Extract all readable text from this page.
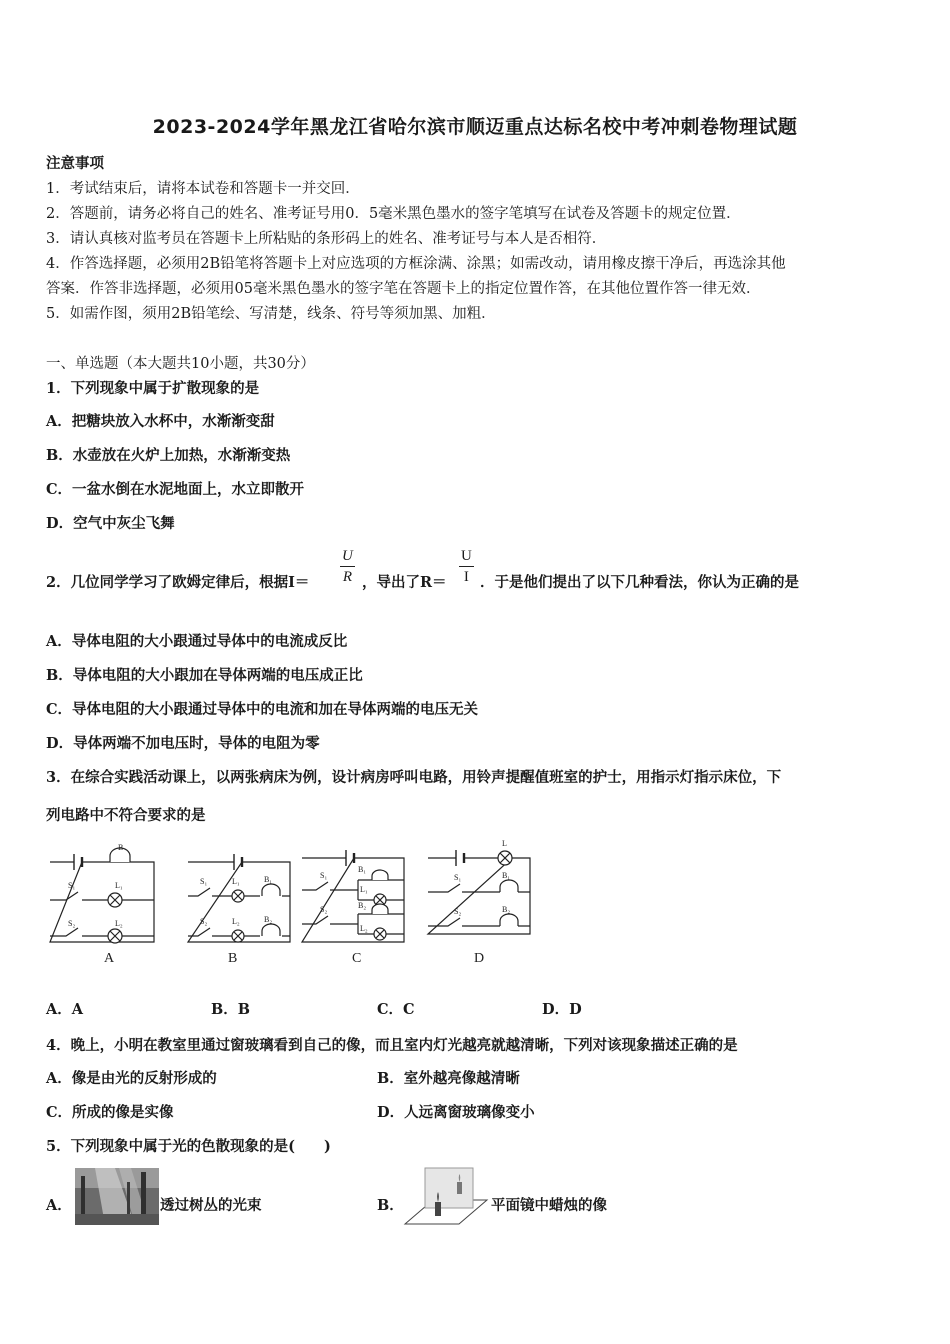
2023-2024学年黑龙江省哈尔滨市顺迈重点达标名校中考冲刺卷物理试题
注意事项
1．考试结束后，请将本试卷和答题卡一并交回．
2．答题前，请务必将自己的姓名、准考证号用0．5毫米黑色墨水的签字笔填写在试卷及答题卡的规定位置．
3．请认真核对监考员在答题卡上所粘贴的条形码上的姓名、准考证号与本人是否相符．
4．作答选择题，必须用2B铅笔将答题卡上对应选项的方框涂满、涂黑；如需改动，请用橡皮擦干净后，再选涂其他
答案．作答非选择题，必须用05毫米黑色墨水的签字笔在答题卡上的指定位置作答，在其他位置作答一律无效．
5．如需作图，须用2B铅笔绘、写清楚，线条、符号等须加黑、加粗．
一、单选题（本大题共10小题，共30分）
1．下列现象中属于扩散现象的是
A．把糖块放入水杯中，水渐渐变甜
B．水壶放在火炉上加热，水渐渐变热
C．一盆水倒在水泥地面上，水立即散开
D．空气中灰尘飞舞
2．几位同学学习了欧姆定律后，根据$I= \frac{U}{R}$ ，导出了$R= \frac{U}{I}$ ．于是他们提出了以下几种看法，你认为正确的是
A．导体电阻的大小跟通过导体中的电流成反比
B．导体电阻的大小跟加在导体两端的电压成正比
C．导体电阻的大小跟通过导体中的电流和加在导体两端的电压无关
D．导体两端不加电压时，导体的电阻为零
3．在综合实践活动课上，以两张病床为例，设计病房呼叫电路，用铃声提醒值班室的护士，用指示灯指示床位，下
列电路中不符合要求的是
B
S₁	L₁
S₂	L₂
A
S₁	L₁	B₁
S₂	L₂	B₂
B
S₁
B₁
L₁
S₂	B₂
L₂
C
L
S₁	B₁
S₂	B₂
D
A．A	B．B	C．C	D．D
4．晚上，小明在教室里通过窗玻璃看到自己的像，而且室内灯光越亮就越清晰，下列对该现象描述正确的是
A．像是由光的反射形成的	B．室外越亮像越清晰
C．所成的像是实像	D．人远离窗玻璃像变小
5．下列现象中属于光的色散现象的是(　　)
A．	透过树丛的光束	B．	平面镜中蜡烛的像
